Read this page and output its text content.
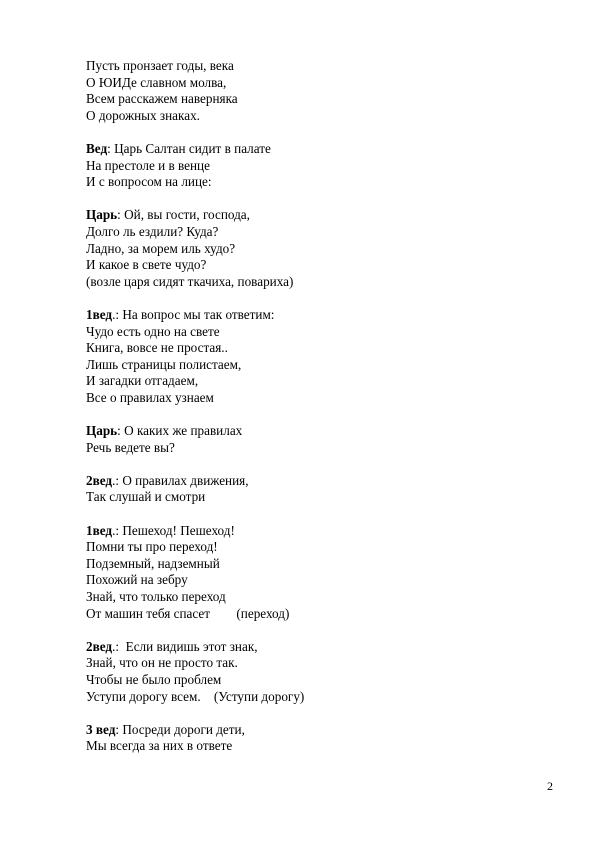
Пусть пронзает годы, века
О ЮИДе славном молва,
Всем расскажем наверняка
О дорожных знаках.
Вед: Царь Салтан сидит в палате
На престоле и в венце
И с вопросом на лице:
Царь: Ой, вы гости, господа,
Долго ль ездили? Куда?
Ладно, за морем иль худо?
И какое в свете чудо?
(возле царя сидят ткачиха, повариха)
1вед.: На вопрос мы так ответим:
Чудо есть одно на свете
Книга, вовсе не простая..
Лишь страницы полистаем,
И загадки отгадаем,
Все о правилах узнаем
Царь: О каких же правилах
Речь ведете вы?
2вед.: О правилах движения,
Так слушай и смотри
1вед.: Пешеход! Пешеход!
Помни ты про переход!
Подземный, надземный
Похожий на зебру
Знай, что только переход
От машин тебя спасет        (переход)
2вед.:  Если видишь этот знак,
Знай, что он не просто так.
Чтобы не было проблем
Уступи дорогу всем.    (Уступи дорогу)
3 вед: Посреди дороги дети,
Мы всегда за них в ответе
2
